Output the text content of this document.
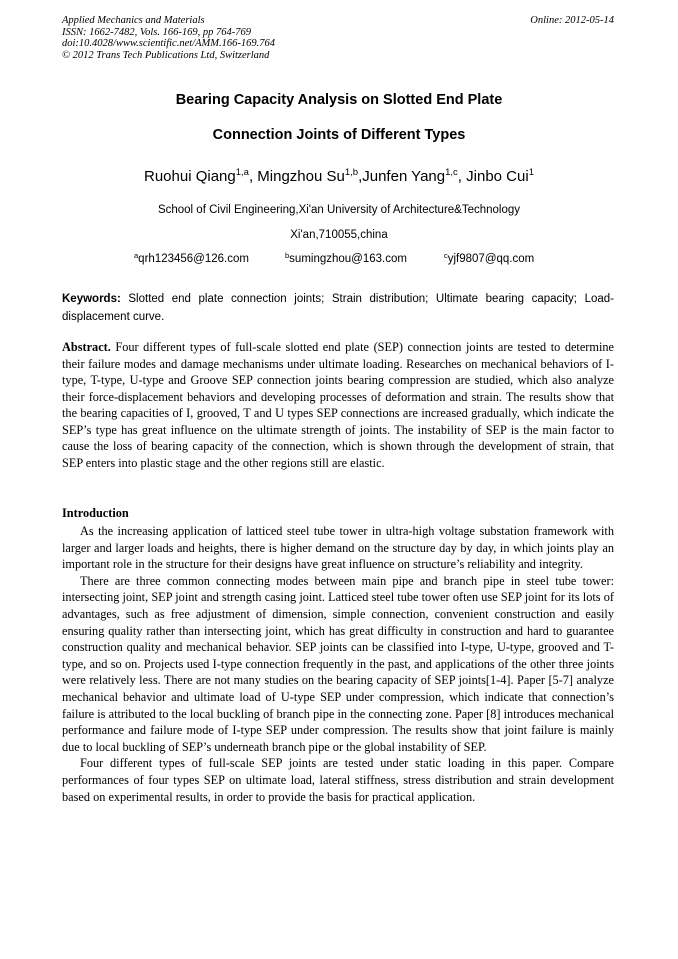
Applied Mechanics and Materials
ISSN: 1662-7482, Vols. 166-169, pp 764-769
doi:10.4028/www.scientific.net/AMM.166-169.764
© 2012 Trans Tech Publications Ltd, Switzerland
Online: 2012-05-14
Bearing Capacity Analysis on Slotted End Plate
Connection Joints of Different Types
Ruohui Qiang$^{1,a}$, Mingzhou Su$^{1,b}$,Junfen Yang$^{1,c}$, Jinbo Cui$^1$
School of Civil Engineering,Xi'an University of Architecture&Technology
Xi'an,710055,china
$^a$qrh123456@126.com	$^b$sumingzhou@163.com	$^c$yjf9807@qq.com
Keywords: Slotted end plate connection joints; Strain distribution; Ultimate bearing capacity; Load-displacement curve.
Abstract. Four different types of full-scale slotted end plate (SEP) connection joints are tested to determine their failure modes and damage mechanisms under ultimate loading. Researches on mechanical behaviors of I-type, T-type, U-type and Groove SEP connection joints bearing compression are studied, which also analyze their force-displacement behaviors and developing processes of deformation and strain. The results show that the bearing capacities of I, grooved, T and U types SEP connections are increased gradually, which indicate the SEP’s type has great influence on the ultimate strength of joints. The instability of SEP is the main factor to cause the loss of bearing capacity of the connection, which is shown through the development of strain, that SEP enters into plastic stage and the other regions still are elastic.
Introduction

As the increasing application of latticed steel tube tower in ultra-high voltage substation framework with larger and larger loads and heights, there is higher demand on the structure day by day, in which joints play an important role in the structure for their designs have great influence on structure’s reliability and integrity.

There are three common connecting modes between main pipe and branch pipe in steel tube tower: intersecting joint, SEP joint and strength casing joint. Latticed steel tube tower often use SEP joint for its lots of advantages, such as free adjustment of dimension, simple connection, convenient construction and easily ensuring quality rather than intersecting joint, which has great difficulty in construction and hard to guarantee construction quality and mechanical behavior. SEP joints can be classified into I-type, U-type, grooved and T-type, and so on. Projects used I-type connection frequently in the past, and applications of the other three joints were relatively less. There are not many studies on the bearing capacity of SEP joints[1-4]. Paper [5-7] analyze mechanical behavior and ultimate load of U-type SEP under compression, which indicate that connection’s failure is attributed to the local buckling of branch pipe in the connecting zone. Paper [8] introduces mechanical performance and failure mode of I-type SEP under compression. The results show that joint failure is mainly due to local buckling of SEP’s underneath branch pipe or the global instability of SEP.

Four different types of full-scale SEP joints are tested under static loading in this paper. Compare performances of four types SEP on ultimate load, lateral stiffness, stress distribution and strain development based on experimental results, in order to provide the basis for practical application.
